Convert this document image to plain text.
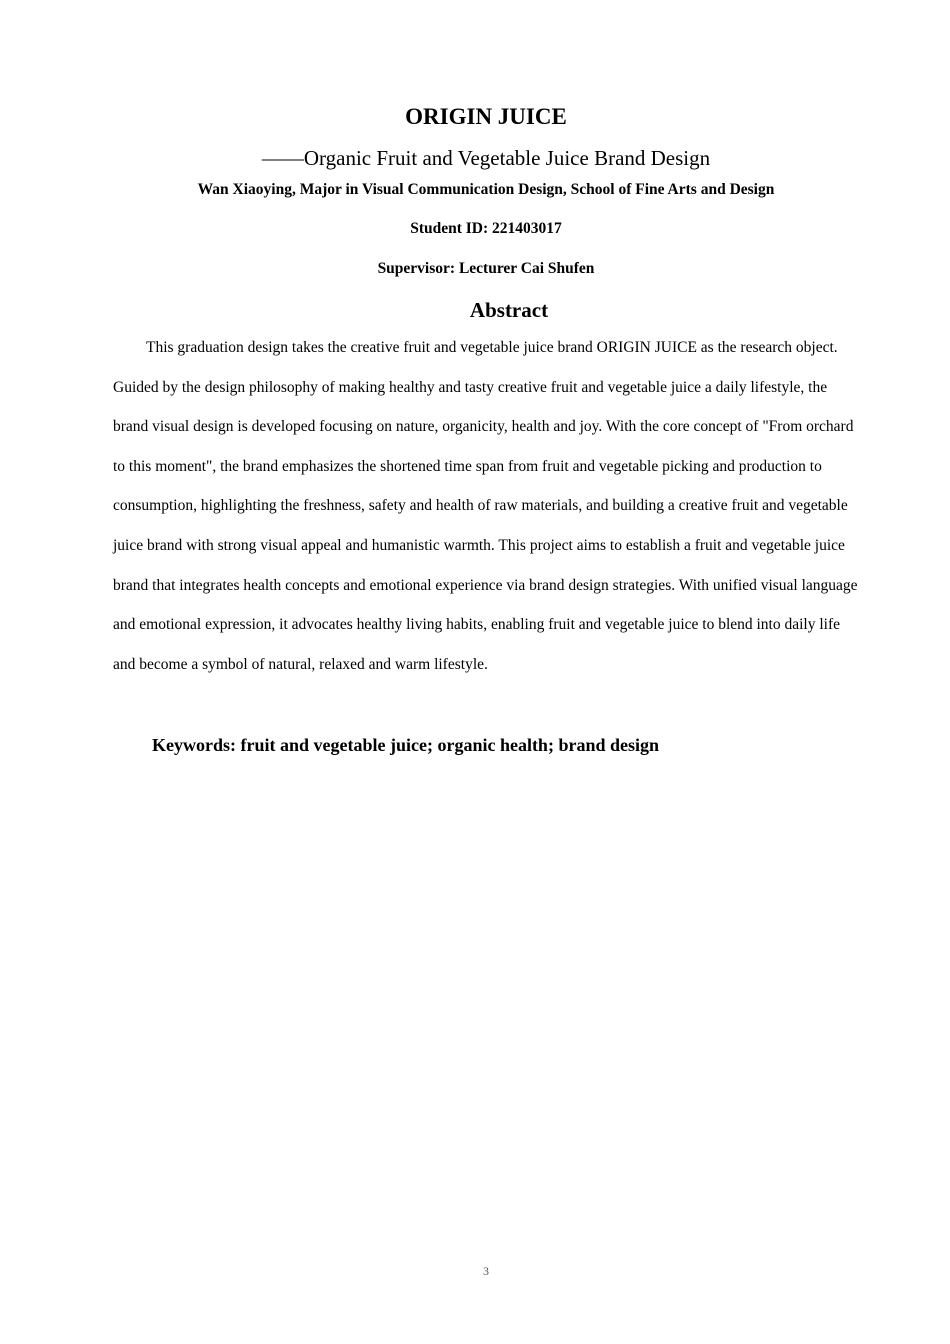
ORIGIN JUICE
——Organic Fruit and Vegetable Juice Brand Design
Wan Xiaoying, Major in Visual Communication Design, School of Fine Arts and Design
Student ID: 221403017
Supervisor: Lecturer Cai Shufen
Abstract

This graduation design takes the creative fruit and vegetable juice brand ORIGIN JUICE as the research object. Guided by the design philosophy of making healthy and tasty creative fruit and vegetable juice a daily lifestyle, the brand visual design is developed focusing on nature, organicity, health and joy. With the core concept of "From orchard to this moment", the brand emphasizes the shortened time span from fruit and vegetable picking and production to consumption, highlighting the freshness, safety and health of raw materials, and building a creative fruit and vegetable juice brand with strong visual appeal and humanistic warmth. This project aims to establish a fruit and vegetable juice brand that integrates health concepts and emotional experience via brand design strategies. With unified visual language and emotional expression, it advocates healthy living habits, enabling fruit and vegetable juice to blend into daily life and become a symbol of natural, relaxed and warm lifestyle.

Keywords: fruit and vegetable juice; organic health; brand design
3
